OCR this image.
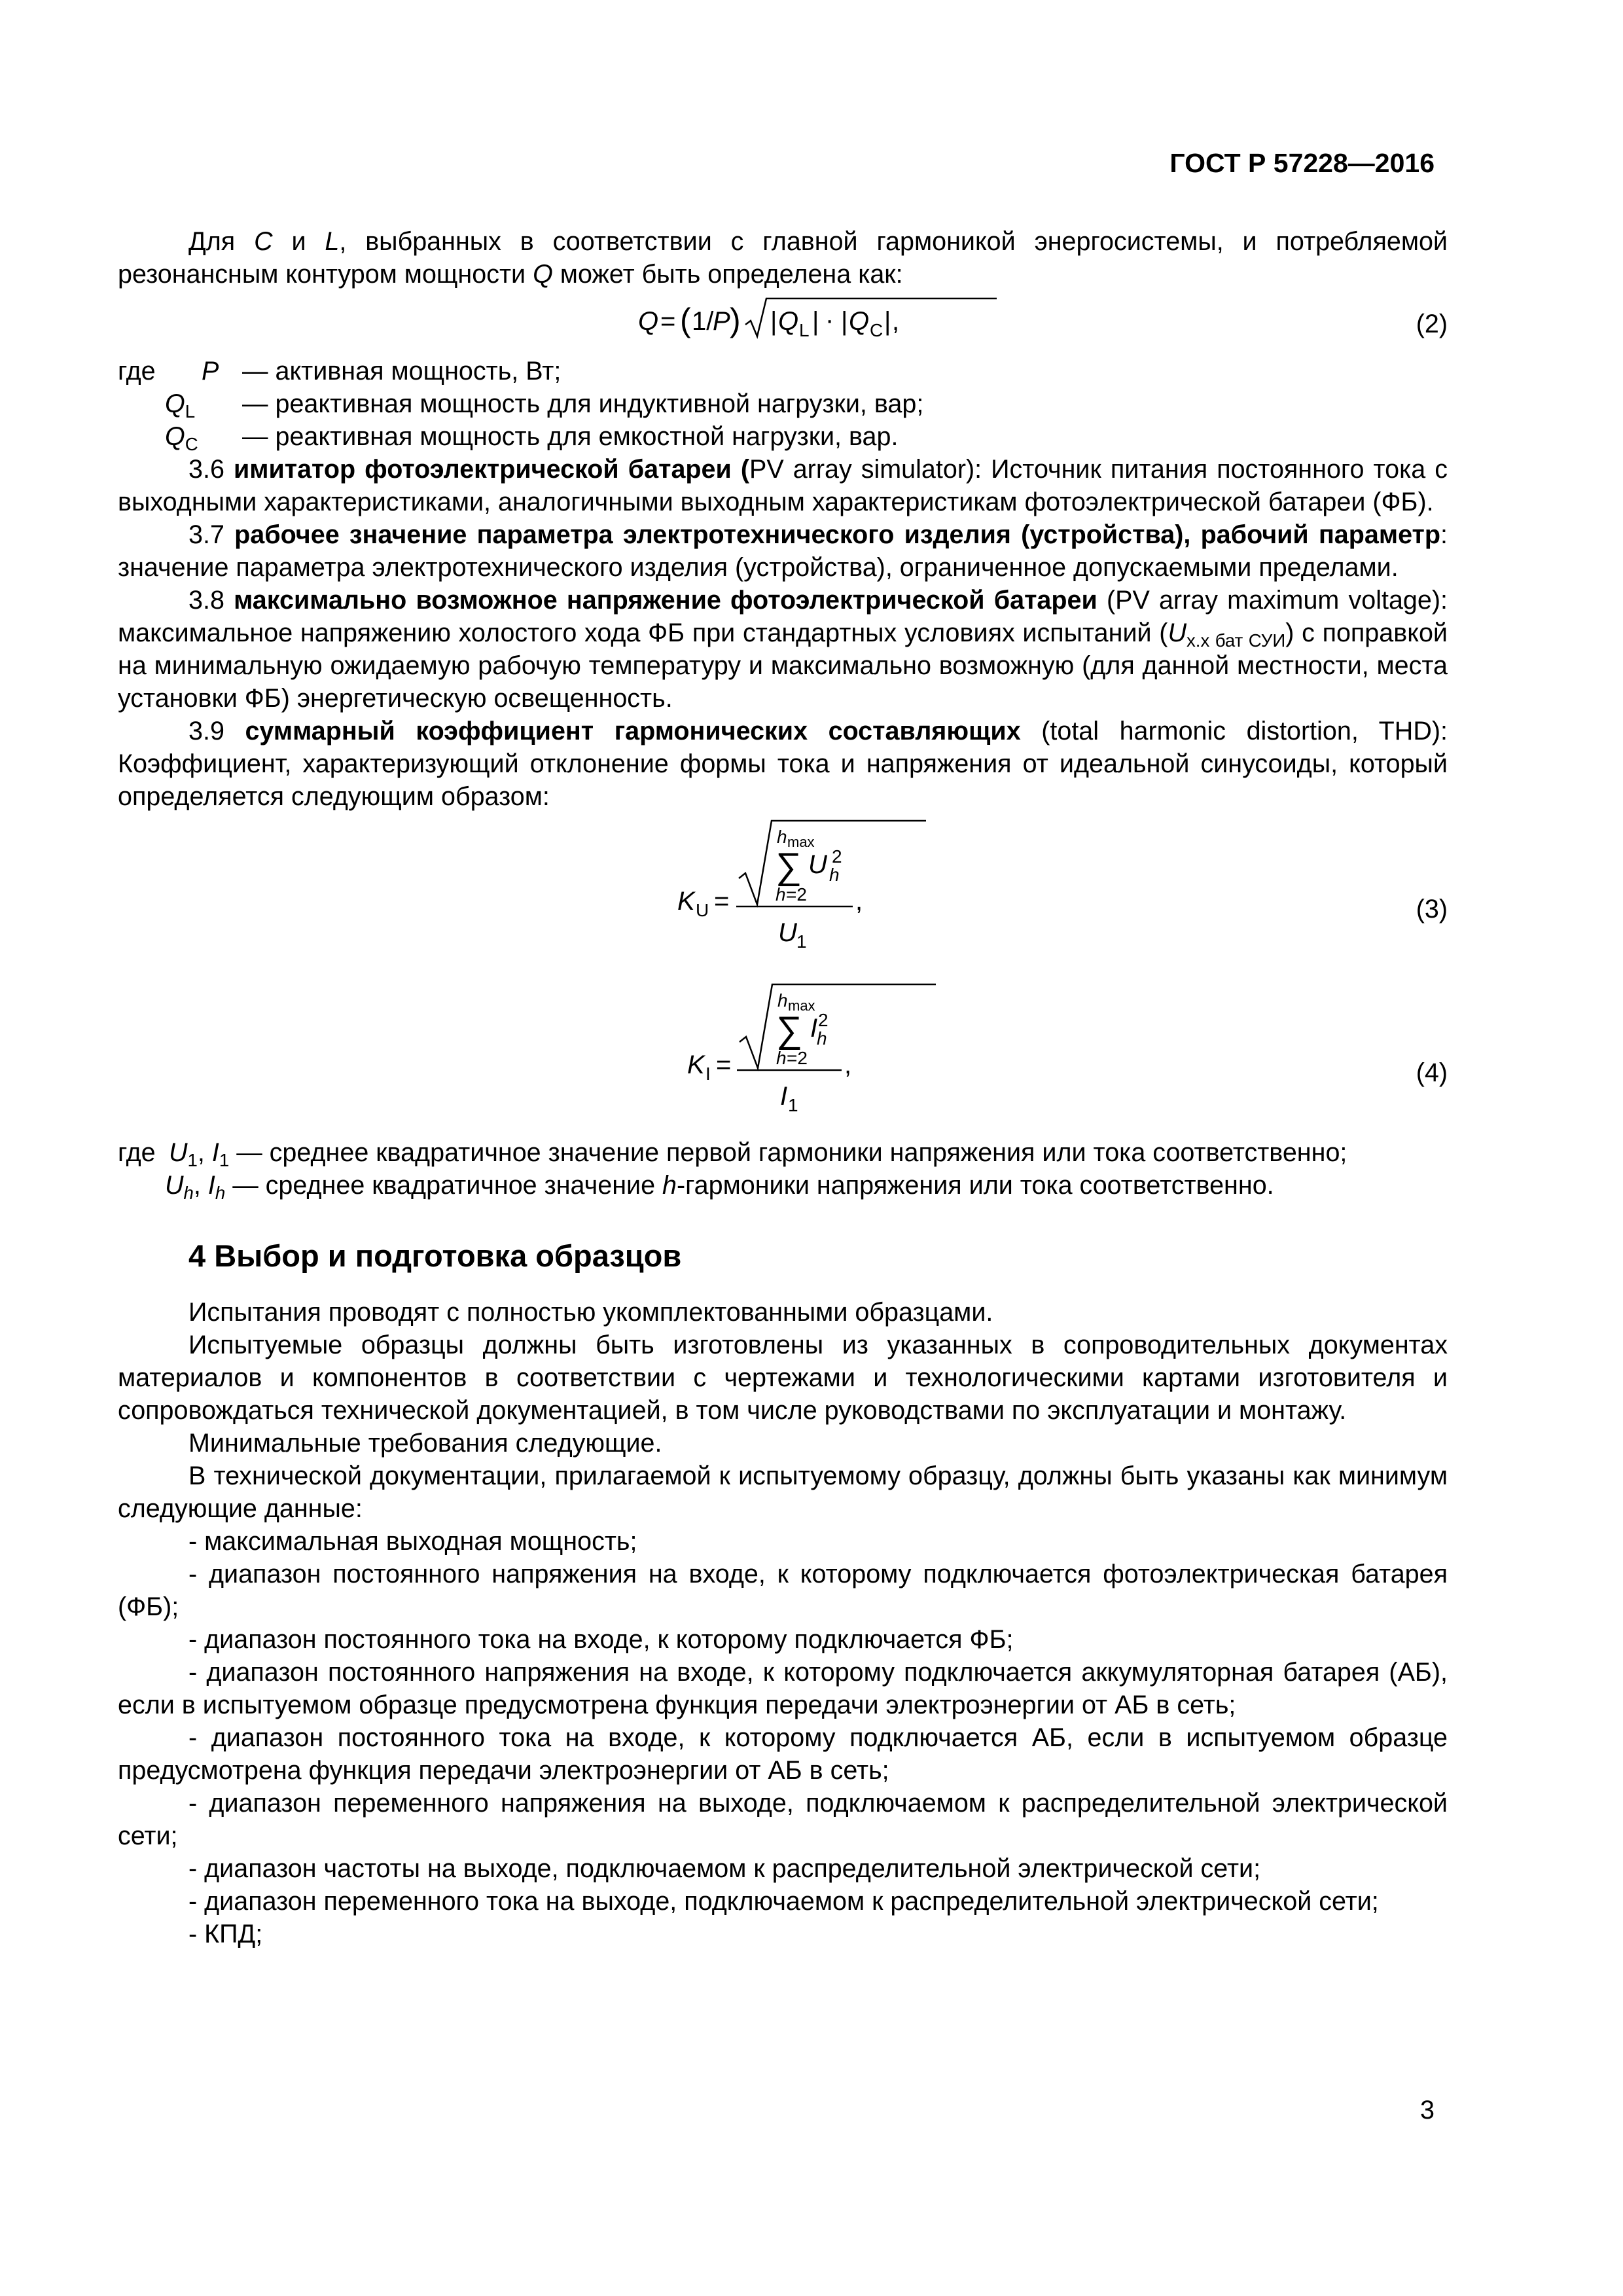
ГОСТ Р 57228—2016

Для C и L, выбранных в соответствии с главной гармоникой энергосистемы, и потребляемой резонансным контуром мощности Q может быть определена как:

Q = ( 1/
P ) | Q L | · | Q C | ,	(2)
где P — активная мощность, Вт;
$Q_L$ — реактивная мощность для индуктивной нагрузки, вар;
$Q_C$ — реактивная мощность для емкостной нагрузки, вар.

3.6 имитатор фотоэлектрической батареи (PV array simulator): Источник питания постоянного тока с выходными характеристиками, аналогичными выходным характеристикам фотоэлектрической батареи (ФБ).

3.7 рабочее значение параметра электротехнического изделия (устройства), рабочий параметр: значение параметра электротехнического изделия (устройства), ограниченное допускаемыми пределами.

3.8 максимально возможное напряжение фотоэлектрической батареи (PV array maximum voltage): максимальное напряжению холостого хода ФБ при стандартных условиях испытаний $(U_{х.х бат СУИ})$ с поправкой на минимальную ожидаемую рабочую температуру и максимально возможную (для данной местности, места установки ФБ) энергетическую освещенность.

3.9 суммарный коэффициент гармонических составляющих (total harmonic distortion, THD): Коэффициент, характеризующий отклонение формы тока и напряжения от идеальной синусоиды, который определяется следующим образом:

K U =
h max
∑ U 2
h
h =2
U 1
,	(3)
K I =
h max
∑ I 2
h
h =2
I 1
,	(4)
где $U_1$, $I_1$ — среднее квадратичное значение первой гармоники напряжения или тока соответственно;
$U_h$, $I_h$ — среднее квадратичное значение h-гармоники напряжения или тока соответственно.
4 Выбор и подготовка образцов

Испытания проводят с полностью укомплектованными образцами.

Испытуемые образцы должны быть изготовлены из указанных в сопроводительных документах материалов и компонентов в соответствии с чертежами и технологическими картами изготовителя и сопровождаться технической документацией, в том числе руководствами по эксплуатации и монтажу.

Минимальные требования следующие.

В технической документации, прилагаемой к испытуемому образцу, должны быть указаны как минимум следующие данные:

- максимальная выходная мощность;

- диапазон постоянного напряжения на входе, к которому подключается фотоэлектрическая батарея (ФБ);

- диапазон постоянного тока на входе, к которому подключается ФБ;

- диапазон постоянного напряжения на входе, к которому подключается аккумуляторная батарея (АБ), если в испытуемом образце предусмотрена функция передачи электроэнергии от АБ в сеть;

- диапазон постоянного тока на входе, к которому подключается АБ, если в испытуемом образце предусмотрена функция передачи электроэнергии от АБ в сеть;

- диапазон переменного напряжения на выходе, подключаемом к распределительной электрической сети;

- диапазон частоты на выходе, подключаемом к распределительной электрической сети;

- диапазон переменного тока на выходе, подключаемом к распределительной электрической сети;

- КПД;

3
